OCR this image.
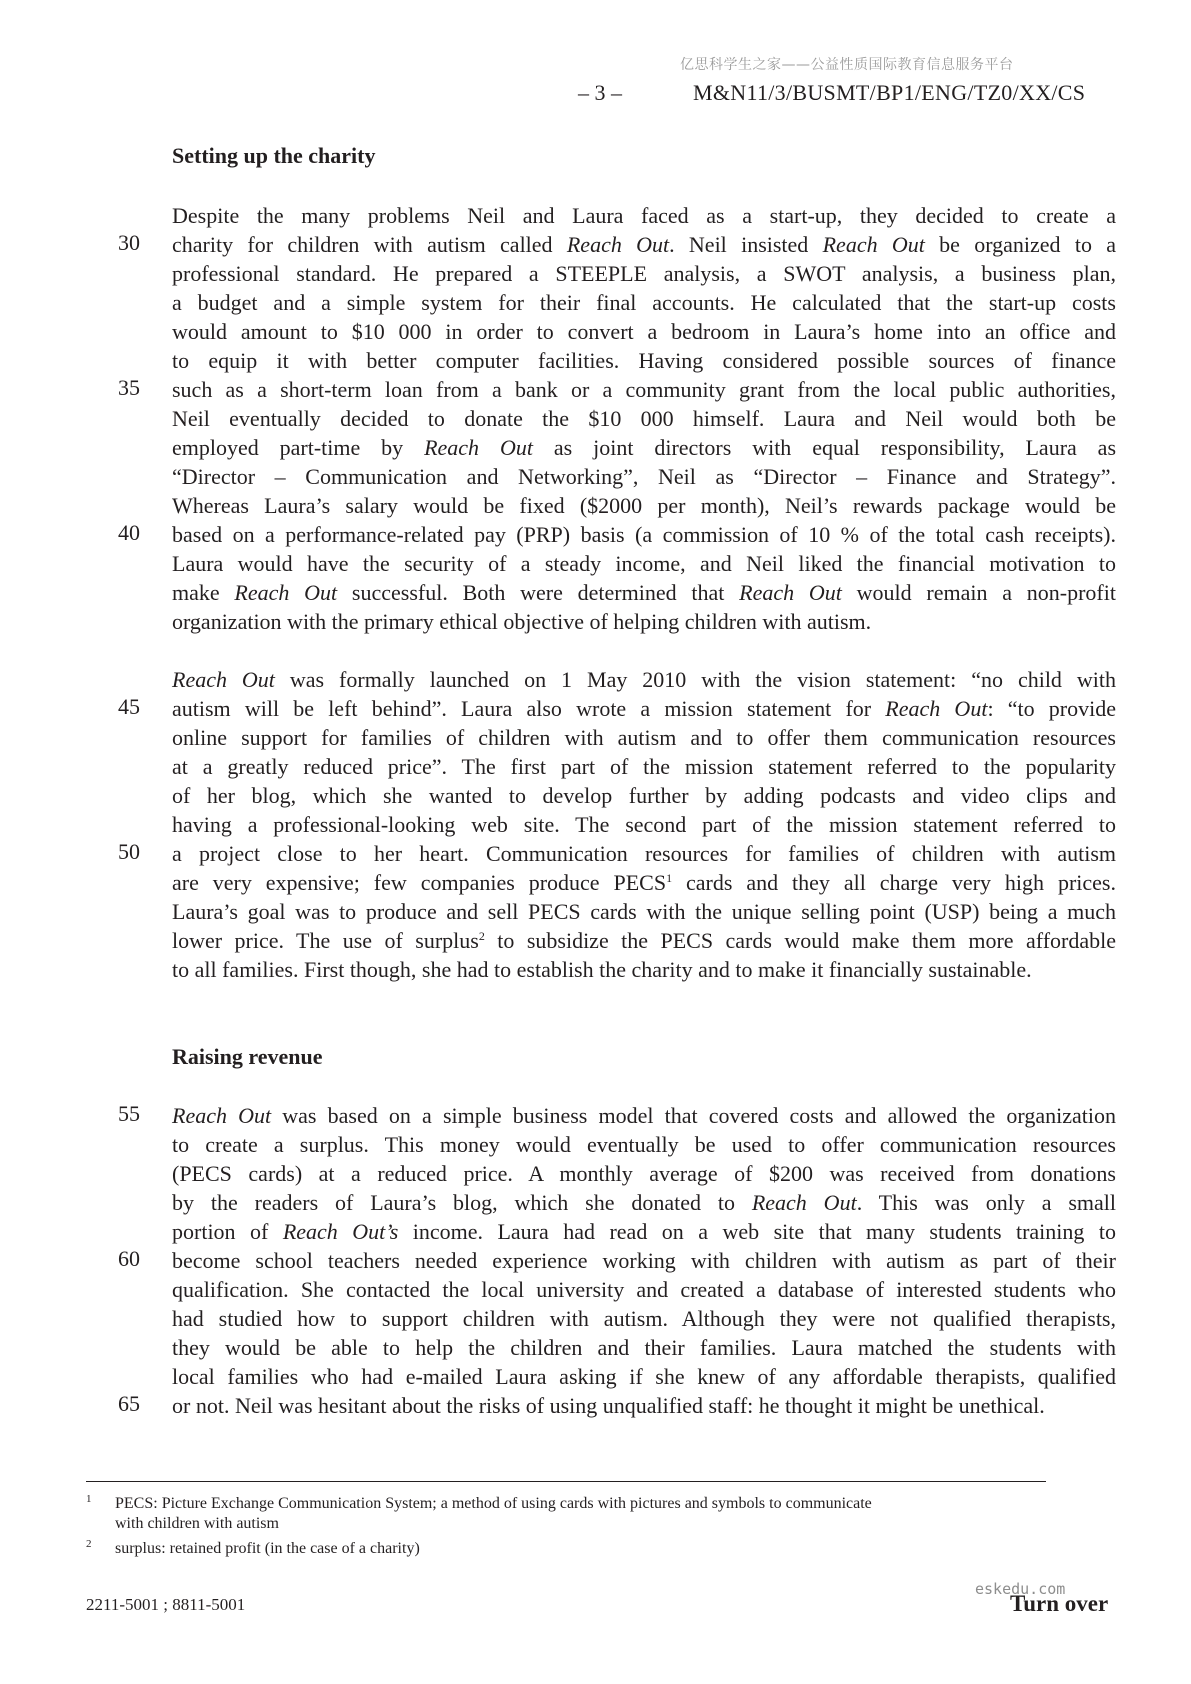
亿思科学生之家——公益性质国际教育信息服务平台
– 3 –	M&N11/3/BUSMT/BP1/ENG/TZ0/XX/CS
Setting up the charity
Despite the many problems Neil and Laura faced as a start-up, they decided to create a
charity for children with autism called Reach Out. Neil insisted Reach Out be organized to a
professional standard. He prepared a STEEPLE analysis, a SWOT analysis, a business plan,
a budget and a simple system for their final accounts. He calculated that the start-up costs
would amount to $10 000 in order to convert a bedroom in Laura’s home into an office and
to equip it with better computer facilities. Having considered possible sources of finance
such as a short-term loan from a bank or a community grant from the local public authorities,
Neil eventually decided to donate the $10 000 himself. Laura and Neil would both be
employed part-time by Reach Out as joint directors with equal responsibility, Laura as
“Director – Communication and Networking”, Neil as “Director – Finance and Strategy”.
Whereas Laura’s salary would be fixed ($2000 per month), Neil’s rewards package would be
based on a performance-related pay (PRP) basis (a commission of 10 % of the total cash receipts).
Laura would have the security of a steady income, and Neil liked the financial motivation to
make Reach Out successful. Both were determined that Reach Out would remain a non-profit
organization with the primary ethical objective of helping children with autism.
Reach Out was formally launched on 1 May 2010 with the vision statement: “no child with
autism will be left behind”. Laura also wrote a mission statement for Reach Out: “to provide
online support for families of children with autism and to offer them communication resources
at a greatly reduced price”. The first part of the mission statement referred to the popularity
of her blog, which she wanted to develop further by adding podcasts and video clips and
having a professional-looking web site. The second part of the mission statement referred to
a project close to her heart. Communication resources for families of children with autism
are very expensive; few companies produce PECS$^1$ cards and they all charge very high prices.
Laura’s goal was to produce and sell PECS cards with the unique selling point (USP) being a much
lower price. The use of surplus$^2$ to subsidize the PECS cards would make them more affordable
to all families. First though, she had to establish the charity and to make it financially sustainable.
Raising revenue
Reach Out was based on a simple business model that covered costs and allowed the organization
to create a surplus. This money would eventually be used to offer communication resources
(PECS cards) at a reduced price. A monthly average of $200 was received from donations
by the readers of Laura’s blog, which she donated to Reach Out. This was only a small
portion of Reach Out’s income. Laura had read on a web site that many students training to
become school teachers needed experience working with children with autism as part of their
qualification. She contacted the local university and created a database of interested students who
had studied how to support children with autism. Although they were not qualified therapists,
they would be able to help the children and their families. Laura matched the students with
local families who had e-mailed Laura asking if she knew of any affordable therapists, qualified
or not. Neil was hesitant about the risks of using unqualified staff: he thought it might be unethical.
30
35
40
45
50
55
60
65
1 PECS: Picture Exchange Communication System; a method of using cards with pictures and symbols to communicate
with children with autism
2 surplus: retained profit (in the case of a charity)
2211-5001 ; 8811-5001
eskedu.com
Turn over
